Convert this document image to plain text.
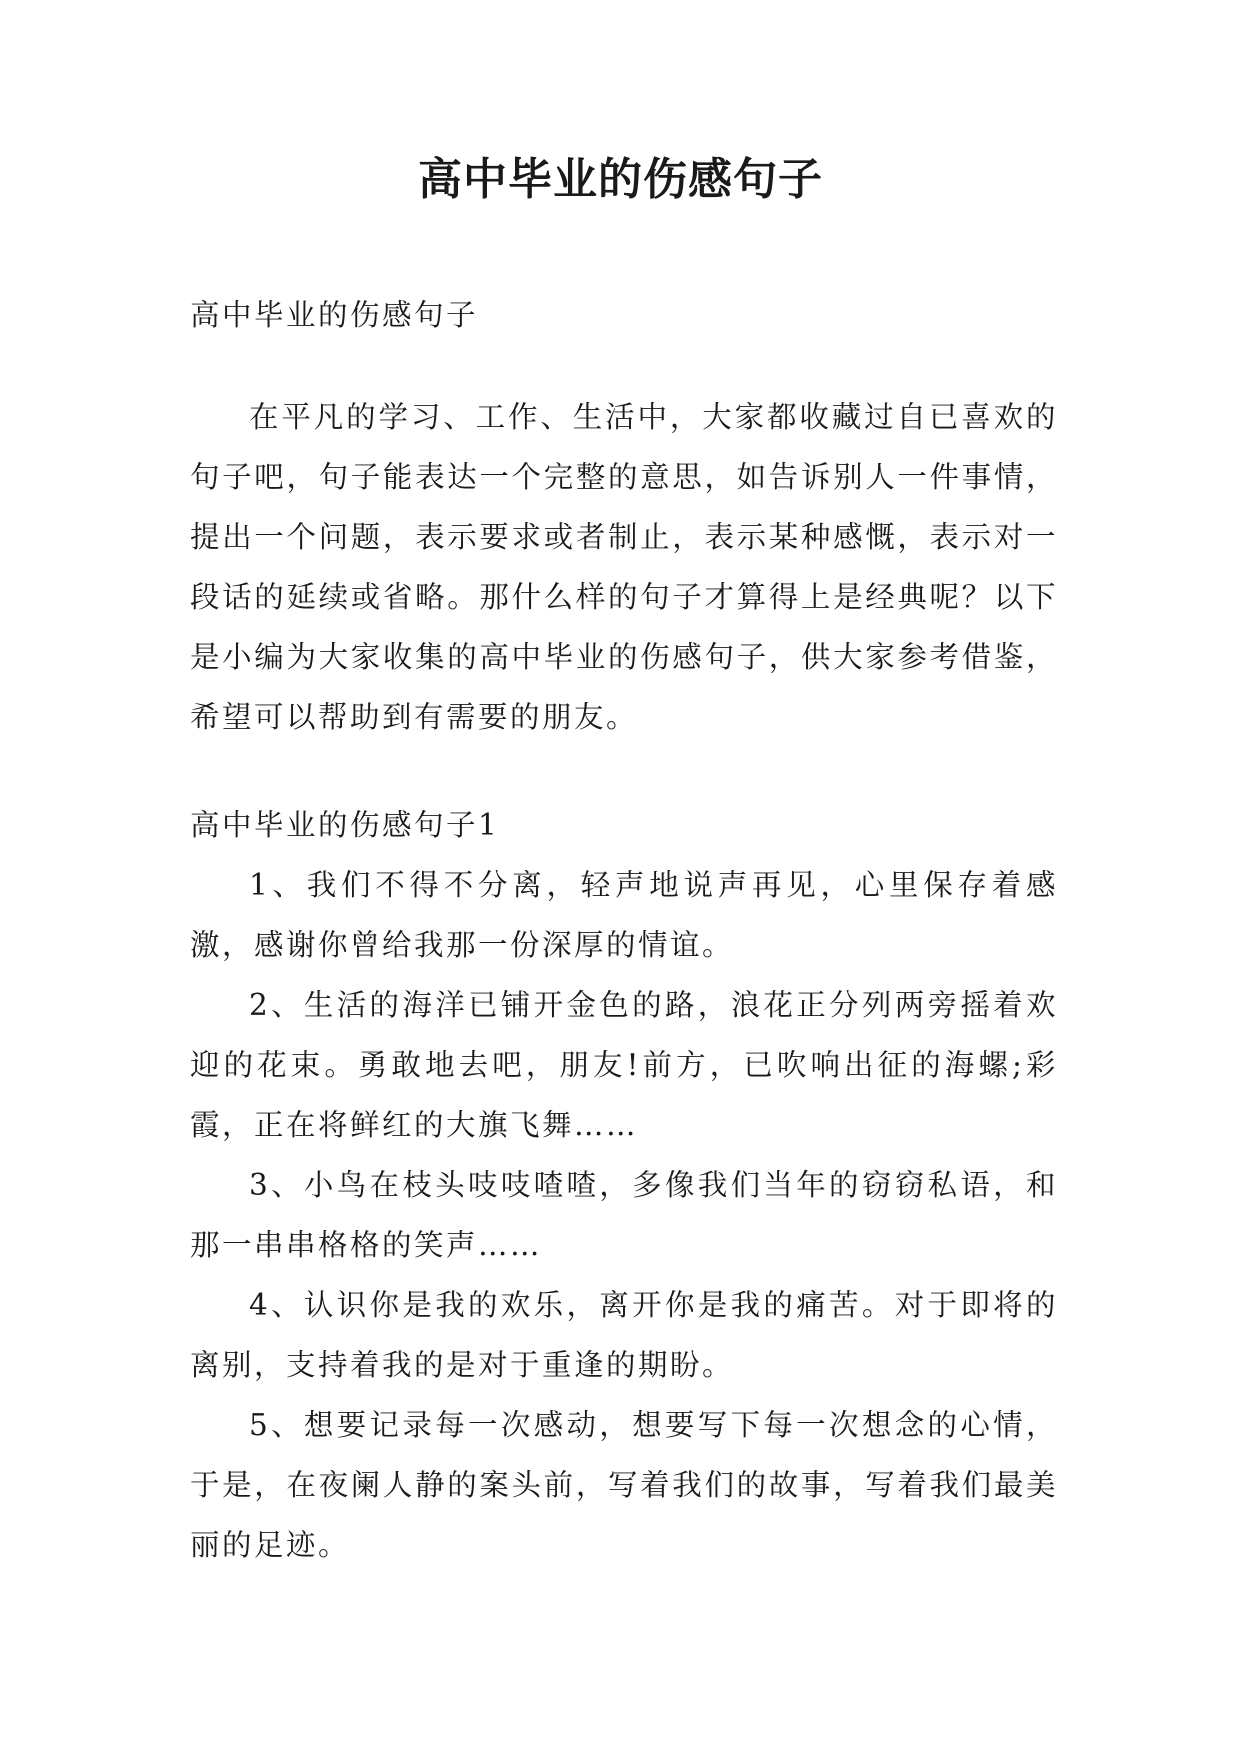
高中毕业的伤感句子

高中毕业的伤感句子

在平凡的学习、工作、生活中，大家都收藏过自已喜欢的句子吧，句子能表达一个完整的意思，如告诉别人一件事情，提出一个问题，表示要求或者制止，表示某种感慨，表示对一段话的延续或省略。那什么样的句子才算得上是经典呢？以下是小编为大家收集的高中毕业的伤感句子，供大家参考借鉴，希望可以帮助到有需要的朋友。

高中毕业的伤感句子1

1、我们不得不分离，轻声地说声再见，心里保存着感激，感谢你曾给我那一份深厚的情谊。

2、生活的海洋已铺开金色的路，浪花正分列两旁摇着欢迎的花束。勇敢地去吧，朋友!前方，已吹响出征的海螺;彩霞，正在将鲜红的大旗飞舞……

3、小鸟在枝头吱吱喳喳，多像我们当年的窃窃私语，和那一串串格格的笑声……

4、认识你是我的欢乐，离开你是我的痛苦。对于即将的离别，支持着我的是对于重逢的期盼。

5、想要记录每一次感动，想要写下每一次想念的心情，于是，在夜阑人静的案头前，写着我们的故事，写着我们最美丽的足迹。
